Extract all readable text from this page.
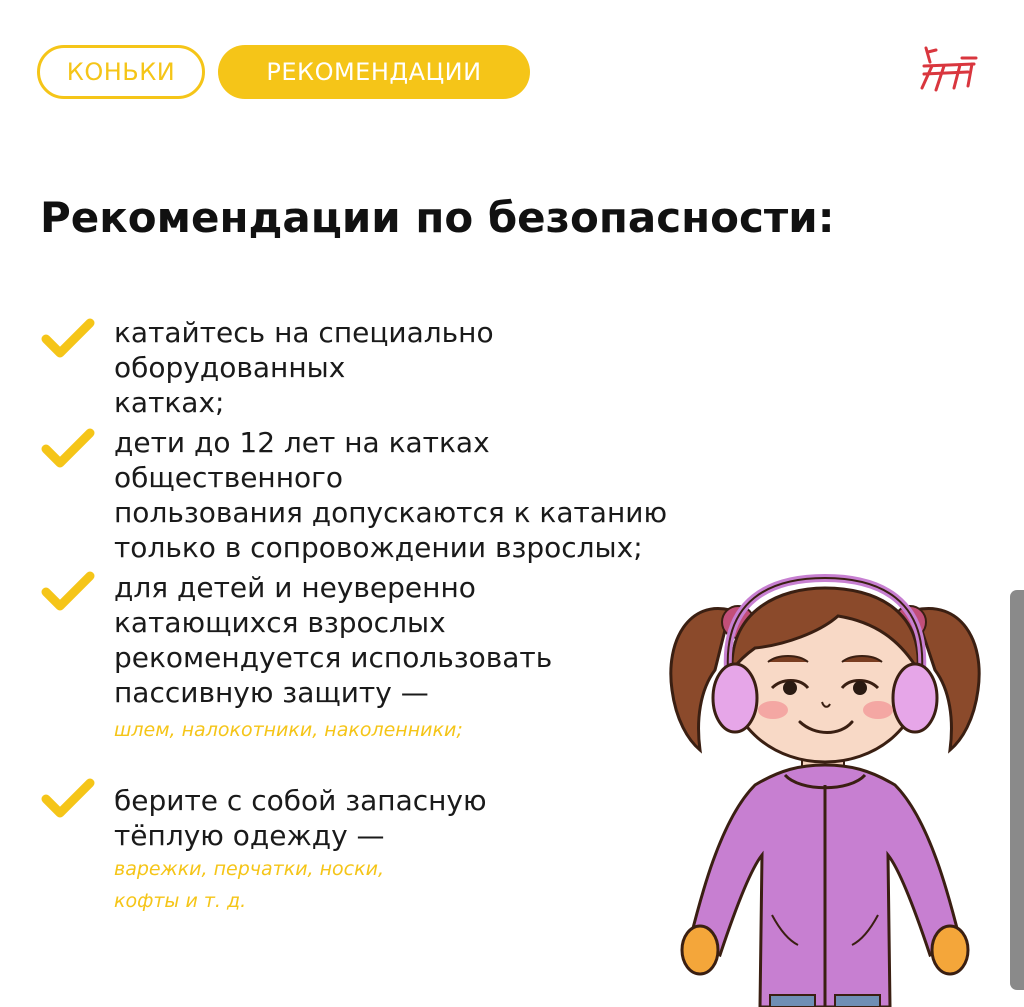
КОНЬКИ	РЕКОМЕНДАЦИИ
Рекомендации по безопасности:
катайтесь на специально оборудованных
катках;
дети до 12 лет на катках общественного
пользования допускаются к катанию
только в сопровождении взрослых;
для детей и неуверенно
катающихся взрослых
рекомендуется использовать
пассивную защиту —
шлем, налокотники, наколенники;
берите с собой запасную
тёплую одежду —
варежки, перчатки, носки,
кофты и т. д.
